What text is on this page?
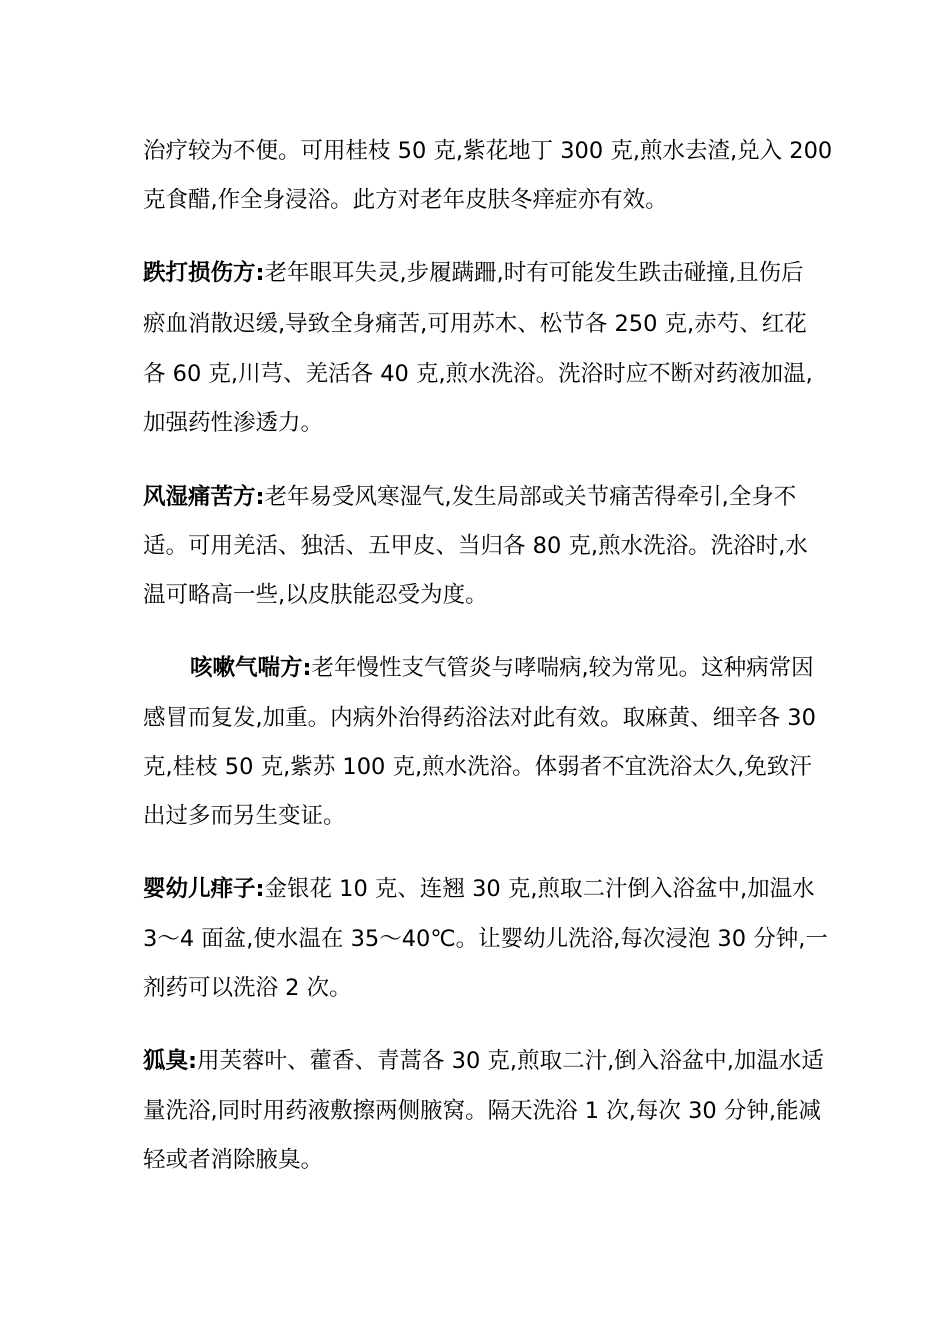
治疗较为不便。可用桂枝 50 克,紫花地丁 300 克,煎水去渣,兑入 200
克食醋,作全身浸浴。此方对老年皮肤冬痒症亦有效。
跌打损伤方:老年眼耳失灵,步履蹒跚,时有可能发生跌击碰撞,且伤后
瘀血消散迟缓,导致全身痛苦,可用苏木、松节各 250 克,赤芍、红花
各 60 克,川芎、羌活各 40 克,煎水洗浴。洗浴时应不断对药液加温,
加强药性渗透力。
风湿痛苦方:老年易受风寒湿气,发生局部或关节痛苦得牵引,全身不
适。可用羌活、独活、五甲皮、当归各 80 克,煎水洗浴。洗浴时,水
温可略高一些,以皮肤能忍受为度。
咳嗽气喘方:老年慢性支气管炎与哮喘病,较为常见。这种病常因
感冒而复发,加重。内病外治得药浴法对此有效。取麻黄、细辛各 30
克,桂枝 50 克,紫苏 100 克,煎水洗浴。体弱者不宜洗浴太久,免致汗
出过多而另生变证。
婴幼儿痱子:金银花 10 克、连翘 30 克,煎取二汁倒入浴盆中,加温水
3～4 面盆,使水温在 35～40℃。让婴幼儿洗浴,每次浸泡 30 分钟,一
剂药可以洗浴 2 次。
狐臭:用芙蓉叶、藿香、青蒿各 30 克,煎取二汁,倒入浴盆中,加温水适
量洗浴,同时用药液敷擦两侧腋窝。隔天洗浴 1 次,每次 30 分钟,能减
轻或者消除腋臭。
